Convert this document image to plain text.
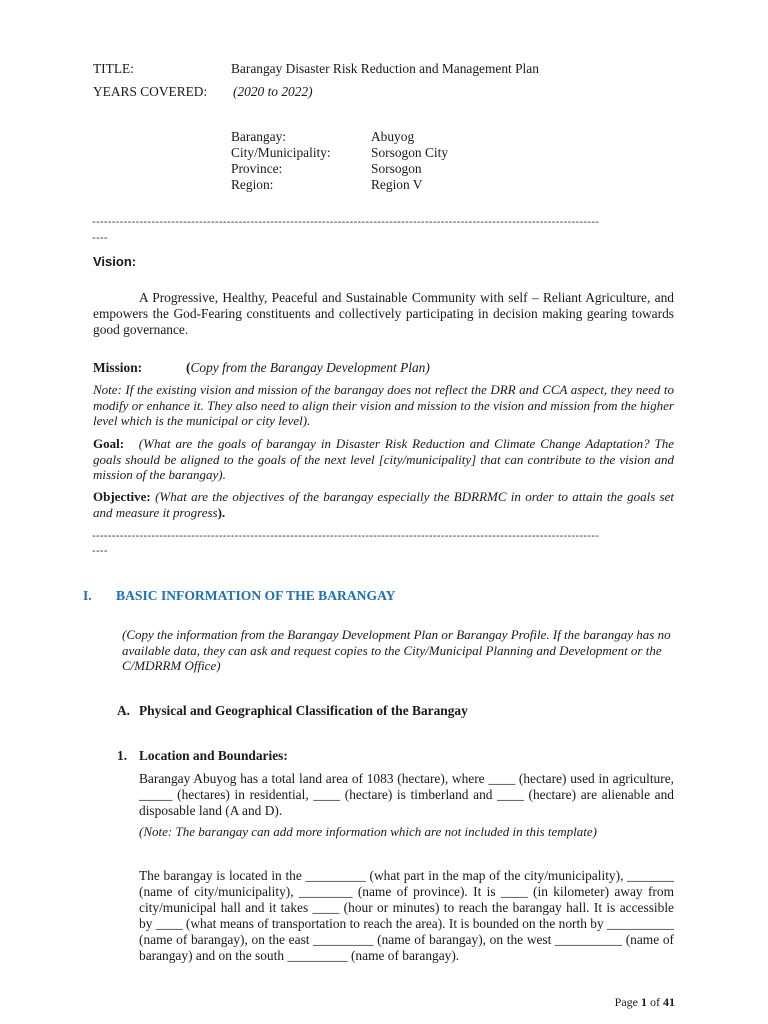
TITLE:	Barangay Disaster Risk Reduction and Management Plan
YEARS COVERED: (2020 to 2022)
Barangay:	Abuyog
City/Municipality:	Sorsogon City
Province:	Sorsogon
Region:	Region V
--------------------------------------------------------------------------------------------------------------------------------
----
Vision:
A Progressive, Healthy, Peaceful and Sustainable Community with self – Reliant Agriculture, and empowers the God-Fearing constituents and collectively participating in decision making gearing towards good governance.
Mission:	(Copy from the Barangay Development Plan)
Note: If the existing vision and mission of the barangay does not reflect the DRR and CCA aspect, they need to modify or enhance it. They also need to align their vision and mission to the vision and mission from the higher level which is the municipal or city level).
Goal: (What are the goals of barangay in Disaster Risk Reduction and Climate Change Adaptation? The goals should be aligned to the goals of the next level [city/municipality] that can contribute to the vision and mission of the barangay).
Objective: (What are the objectives of the barangay especially the BDRRMC in order to attain the goals set and measure it progress).
--------------------------------------------------------------------------------------------------------------------------------
----
I. BASIC INFORMATION OF THE BARANGAY
(Copy the information from the Barangay Development Plan or Barangay Profile. If the barangay has no available data, they can ask and request copies to the City/Municipal Planning and Development or the C/MDRRM Office)
A. Physical and Geographical Classification of the Barangay
1. Location and Boundaries:
Barangay Abuyog has a total land area of 1083 (hectare), where ____ (hectare) used in agriculture, _____ (hectares) in residential, ____ (hectare) is timberland and ____ (hectare) are alienable and disposable land (A and D).
(Note: The barangay can add more information which are not included in this template)
The barangay is located in the _________ (what part in the map of the city/municipality), _______ (name of city/municipality), ________ (name of province). It is ____ (in kilometer) away from city/municipal hall and it takes ____ (hour or minutes) to reach the barangay hall. It is accessible by ____ (what means of transportation to reach the area). It is bounded on the north by __________ (name of barangay), on the east _________ (name of barangay), on the west __________ (name of barangay) and on the south _________ (name of barangay).
Page 1 of 41
